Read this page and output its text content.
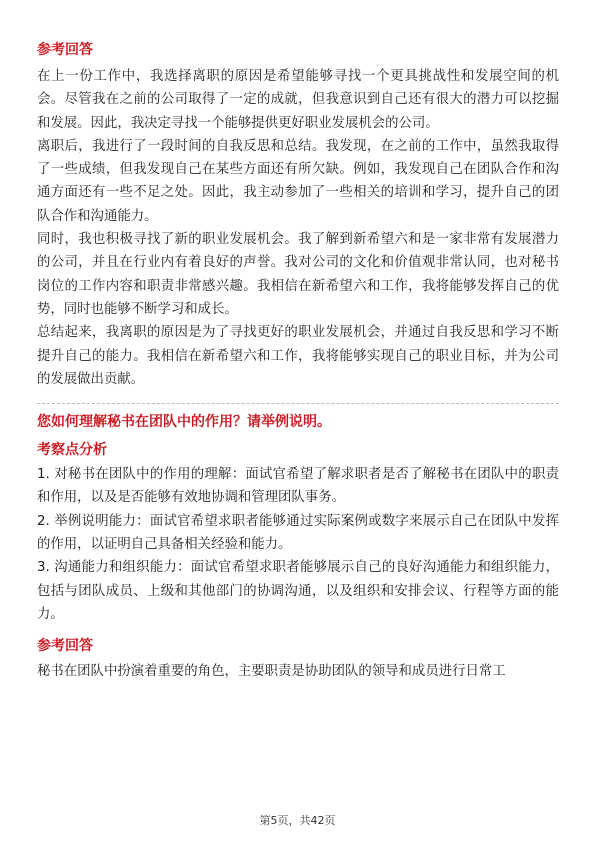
参考回答

在上一份工作中，我选择离职的原因是希望能够寻找一个更具挑战性和发展空间的机会。尽管我在之前的公司取得了一定的成就，但我意识到自己还有很大的潜力可以挖掘和发展。因此，我决定寻找一个能够提供更好职业发展机会的公司。

离职后，我进行了一段时间的自我反思和总结。我发现，在之前的工作中，虽然我取得了一些成绩，但我发现自己在某些方面还有所欠缺。例如，我发现自己在团队合作和沟通方面还有一些不足之处。因此，我主动参加了一些相关的培训和学习，提升自己的团队合作和沟通能力。

同时，我也积极寻找了新的职业发展机会。我了解到新希望六和是一家非常有发展潜力的公司，并且在行业内有着良好的声誉。我对公司的文化和价值观非常认同，也对秘书岗位的工作内容和职责非常感兴趣。我相信在新希望六和工作，我将能够发挥自己的优势，同时也能够不断学习和成长。

总结起来，我离职的原因是为了寻找更好的职业发展机会，并通过自我反思和学习不断提升自己的能力。我相信在新希望六和工作，我将能够实现自己的职业目标，并为公司的发展做出贡献。

您如何理解秘书在团队中的作用？请举例说明。
考察点分析

1. 对秘书在团队中的作用的理解：面试官希望了解求职者是否了解秘书在团队中的职责和作用，以及是否能够有效地协调和管理团队事务。

2. 举例说明能力：面试官希望求职者能够通过实际案例或数字来展示自己在团队中发挥的作用，以证明自己具备相关经验和能力。

3. 沟通能力和组织能力：面试官希望求职者能够展示自己的良好沟通能力和组织能力，包括与团队成员、上级和其他部门的协调沟通，以及组织和安排会议、行程等方面的能力。

参考回答

秘书在团队中扮演着重要的角色，主要职责是协助团队的领导和成员进行日常工

第5页，共42页
